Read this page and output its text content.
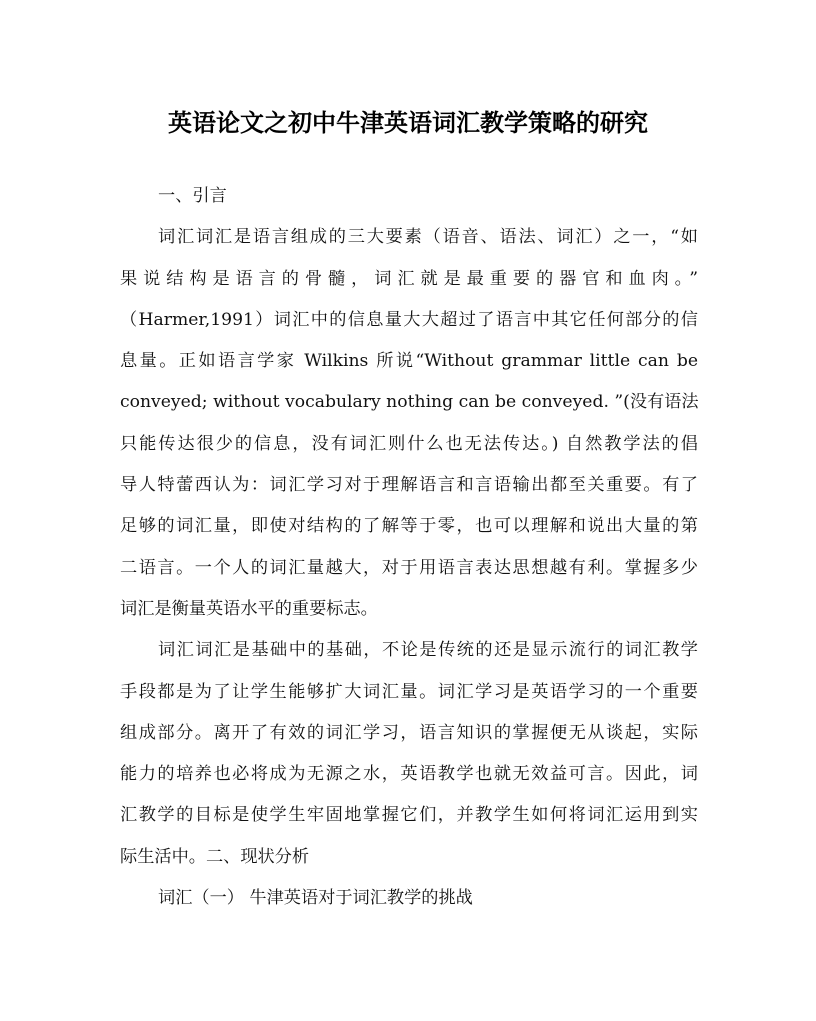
英语论文之初中牛津英语词汇教学策略的研究
一、引言
词汇词汇是语言组成的三大要素（语音、语法、词汇）之一，“如
果说结构是语言的骨髓，词汇就是最重要的器官和血肉。”
（Harmer,1991）词汇中的信息量大大超过了语言中其它任何部分的信
息量。正如语言学家 Wilkins 所说“Without grammar little can be
conveyed; without vocabulary nothing can be conveyed. ”(没有语法
只能传达很少的信息，没有词汇则什么也无法传达。) 自然教学法的倡
导人特蕾西认为：词汇学习对于理解语言和言语输出都至关重要。有了
足够的词汇量，即使对结构的了解等于零，也可以理解和说出大量的第
二语言。一个人的词汇量越大，对于用语言表达思想越有利。掌握多少
词汇是衡量英语水平的重要标志。
词汇词汇是基础中的基础，不论是传统的还是显示流行的词汇教学
手段都是为了让学生能够扩大词汇量。词汇学习是英语学习的一个重要
组成部分。离开了有效的词汇学习，语言知识的掌握便无从谈起，实际
能力的培养也必将成为无源之水，英语教学也就无效益可言。因此，词
汇教学的目标是使学生牢固地掌握它们，并教学生如何将词汇运用到实
际生活中。二、现状分析
词汇（一） 牛津英语对于词汇教学的挑战
